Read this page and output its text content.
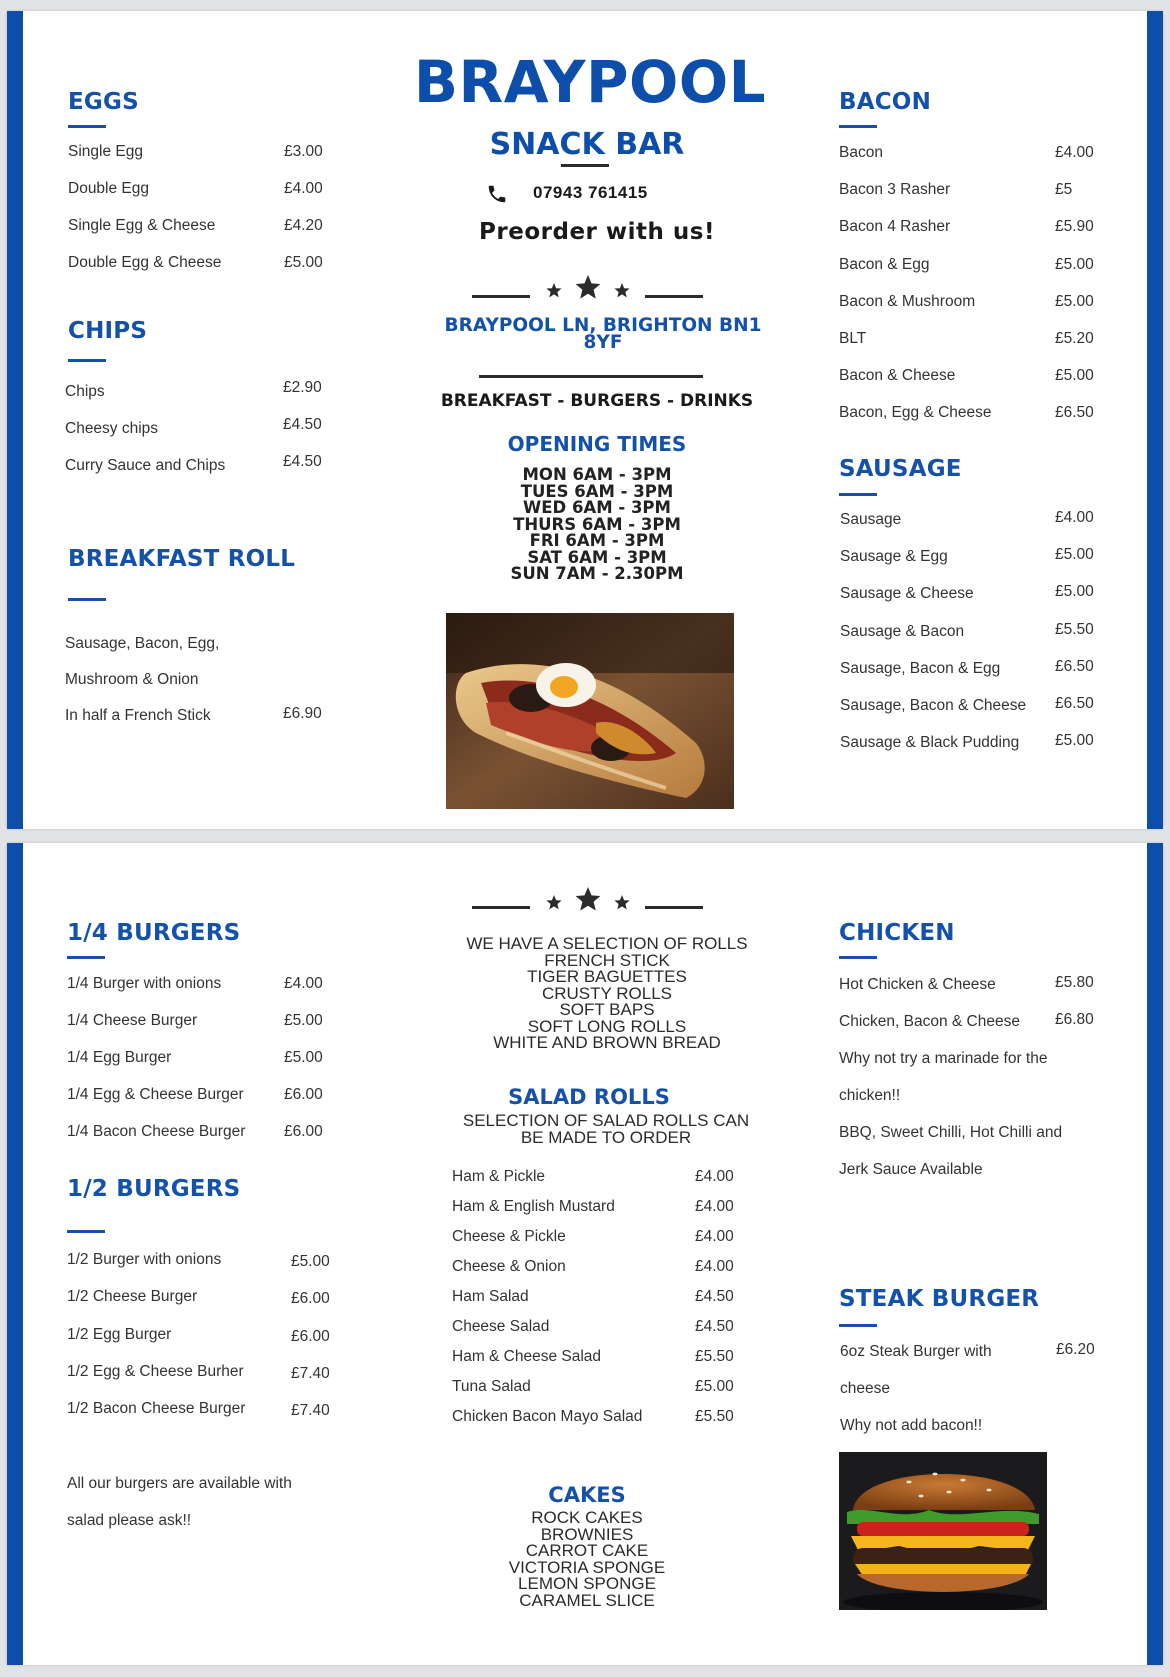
EGGS
Single Egg	£3.00
Double Egg	£4.00
Single Egg & Cheese	£4.20
Double Egg & Cheese	£5.00
CHIPS
Chips	£2.90
Cheesy chips	£4.50
Curry Sauce and Chips	£4.50
BREAKFAST ROLL
Sausage, Bacon, Egg,
Mushroom & Onion
In half a French Stick	£6.90
BRAYPOOL
SNACK BAR
07943 761415
Preorder with us!
BRAYPOOL LN, BRIGHTON BN1
8YF
BREAKFAST - BURGERS - DRINKS
OPENING TIMES
MON 6AM - 3PM
TUES 6AM - 3PM
WED 6AM - 3PM
THURS 6AM - 3PM
FRI 6AM - 3PM
SAT 6AM - 3PM
SUN 7AM - 2.30PM
BACON
Bacon	£4.00
Bacon 3 Rasher	£5
Bacon 4 Rasher	£5.90
Bacon & Egg	£5.00
Bacon & Mushroom	£5.00
BLT	£5.20
Bacon & Cheese	£5.00
Bacon, Egg & Cheese	£6.50
SAUSAGE
Sausage	£4.00
Sausage & Egg	£5.00
Sausage & Cheese	£5.00
Sausage & Bacon	£5.50
Sausage, Bacon & Egg	£6.50
Sausage, Bacon & Cheese £6.50
Sausage & Black Pudding £5.00
1/4 BURGERS
1/4 Burger with onions	£4.00
1/4 Cheese Burger	£5.00
1/4 Egg Burger	£5.00
1/4 Egg & Cheese Burger	£6.00
1/4 Bacon Cheese Burger £6.00
1/2 BURGERS
1/2 Burger with onions	£5.00
1/2 Cheese Burger	£6.00
1/2 Egg Burger	£6.00
1/2 Egg & Cheese Burher	£7.40
1/2 Bacon Cheese Burger	£7.40
All our burgers are available with
salad please ask!!
WE HAVE A SELECTION OF ROLLS
FRENCH STICK
TIGER BAGUETTES
CRUSTY ROLLS
SOFT BAPS
SOFT LONG ROLLS
WHITE AND BROWN BREAD
SALAD ROLLS
SELECTION OF SALAD ROLLS CAN
BE MADE TO ORDER
Ham & Pickle	£4.00
Ham & English Mustard	£4.00
Cheese & Pickle	£4.00
Cheese & Onion	£4.00
Ham Salad	£4.50
Cheese Salad	£4.50
Ham & Cheese Salad	£5.50
Tuna Salad	£5.00
Chicken Bacon Mayo Salad	£5.50
CAKES
ROCK CAKES
BROWNIES
CARROT CAKE
VICTORIA SPONGE
LEMON SPONGE
CARAMEL SLICE
CHICKEN
Hot Chicken & Cheese	£5.80
Chicken, Bacon & Cheese £6.80
Why not try a marinade for the
chicken!!
BBQ, Sweet Chilli, Hot Chilli and
Jerk Sauce Available
STEAK BURGER
6oz Steak Burger with	£6.20
cheese
Why not add bacon!!
